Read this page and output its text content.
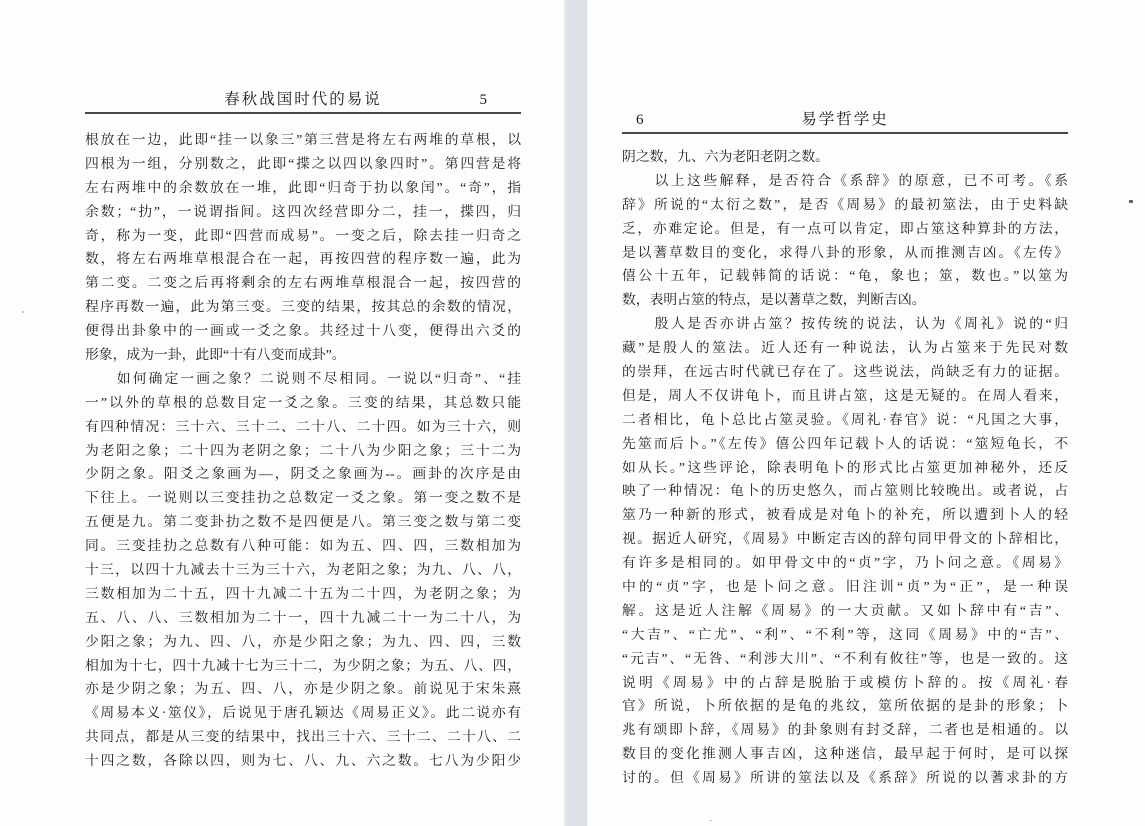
春秋战国时代的易说	5
根放在一边，此即“挂一以象三”第三营是将左右两堆的草根，以
四根为一组，分别数之，此即“揲之以四以象四时”。第四营是将
左右两堆中的余数放在一堆，此即“归奇于扐以象闰”。“奇”，指
余数；“扐”，一说谓指间。这四次经营即分二，挂一，揲四，归
奇，称为一变，此即“四营而成易”。一变之后，除去挂一归奇之
数，将左右两堆草根混合在一起，再按四营的程序数一遍，此为
第二变。二变之后再将剩余的左右两堆草根混合一起，按四营的
程序再数一遍，此为第三变。三变的结果，按其总的余数的情况，
便得出卦象中的一画或一爻之象。共经过十八变，便得出六爻的
形象，成为一卦，此即“十有八变而成卦”。
　　如何确定一画之象？二说则不尽相同。一说以“归奇”、“挂
一”以外的草根的总数目定一爻之象。三变的结果，其总数只能
有四种情况：三十六、三十二、二十八、二十四。如为三十六，则
为老阳之象；二十四为老阴之象；二十八为少阳之象；三十二为
少阴之象。阳爻之象画为—，阴爻之象画为--。画卦的次序是由
下往上。一说则以三变挂扐之总数定一爻之象。第一变之数不是
五便是九。第二变卦扐之数不是四便是八。第三变之数与第二变
同。三变挂扐之总数有八种可能：如为五、四、四，三数相加为
十三，以四十九减去十三为三十六，为老阳之象；为九、八、八，
三数相加为二十五，四十九减二十五为二十四，为老阴之象；为
五、八、八、三数相加为二十一，四十九减二十一为二十八，为
少阳之象；为九、四、八，亦是少阳之象；为九、四、四，三数
相加为十七，四十九减十七为三十二，为少阴之象；为五、八、四，
亦是少阴之象；为五、四、八，亦是少阴之象。前说见于宋朱熹
《周易本义·筮仪》，后说见于唐孔颖达《周易正义》。此二说亦有
共同点，都是从三变的结果中，找出三十六、三十二、二十八、二
十四之数，各除以四，则为七、八、九、六之数。七八为少阳少
6	易学哲学史
阴之数，九、六为老阳老阴之数。
　　以上这些解释，是否符合《系辞》的原意，已不可考。《系
辞》所说的“太衍之数”，是否《周易》的最初筮法，由于史料缺
乏，亦难定论。但是，有一点可以肯定，即占筮这种算卦的方法，
是以蓍草数目的变化，求得八卦的形象，从而推测吉凶。《左传》
僖公十五年，记载韩简的话说：“龟，象也；筮，数也。”以筮为
数，表明占筮的特点，是以蓍草之数，判断吉凶。
　　殷人是否亦讲占筮？按传统的说法，认为《周礼》说的“归
藏”是殷人的筮法。近人还有一种说法，认为占筮来于先民对数
的崇拜，在远古时代就已存在了。这些说法，尚缺乏有力的证据。
但是，周人不仅讲龟卜，而且讲占筮，这是无疑的。在周人看来，
二者相比，龟卜总比占筮灵验。《周礼·春官》说：“凡国之大事，
先筮而后卜。”《左传》僖公四年记载卜人的话说：“筮短龟长，不
如从长。”这些评论，除表明龟卜的形式比占筮更加神秘外，还反
映了一种情况：龟卜的历史悠久，而占筮则比较晚出。或者说，占
筮乃一种新的形式，被看成是对龟卜的补充，所以遭到卜人的轻
视。据近人研究，《周易》中断定吉凶的辞句同甲骨文的卜辞相比，
有许多是相同的。如甲骨文中的“贞”字，乃卜问之意。《周易》
中的“贞”字，也是卜问之意。旧注训“贞”为“正”，是一种误
解。这是近人注解《周易》的一大贡献。又如卜辞中有“吉”、
“大吉”、“亡尤”、“利”、“不利”等，这同《周易》中的“吉”、
“元吉”、“无咎、“利涉大川”、“不利有攸往”等，也是一致的。这
说明《周易》中的占辞是脱胎于或模仿卜辞的。按《周礼·春
官》所说，卜所依据的是龟的兆纹，筮所依据的是卦的形象；卜
兆有颂即卜辞，《周易》的卦象则有封爻辞，二者也是相通的。以
数目的变化推测人事吉凶，这种迷信，最早起于何时，是可以探
讨的。但《周易》所讲的筮法以及《系辞》所说的以蓍求卦的方
